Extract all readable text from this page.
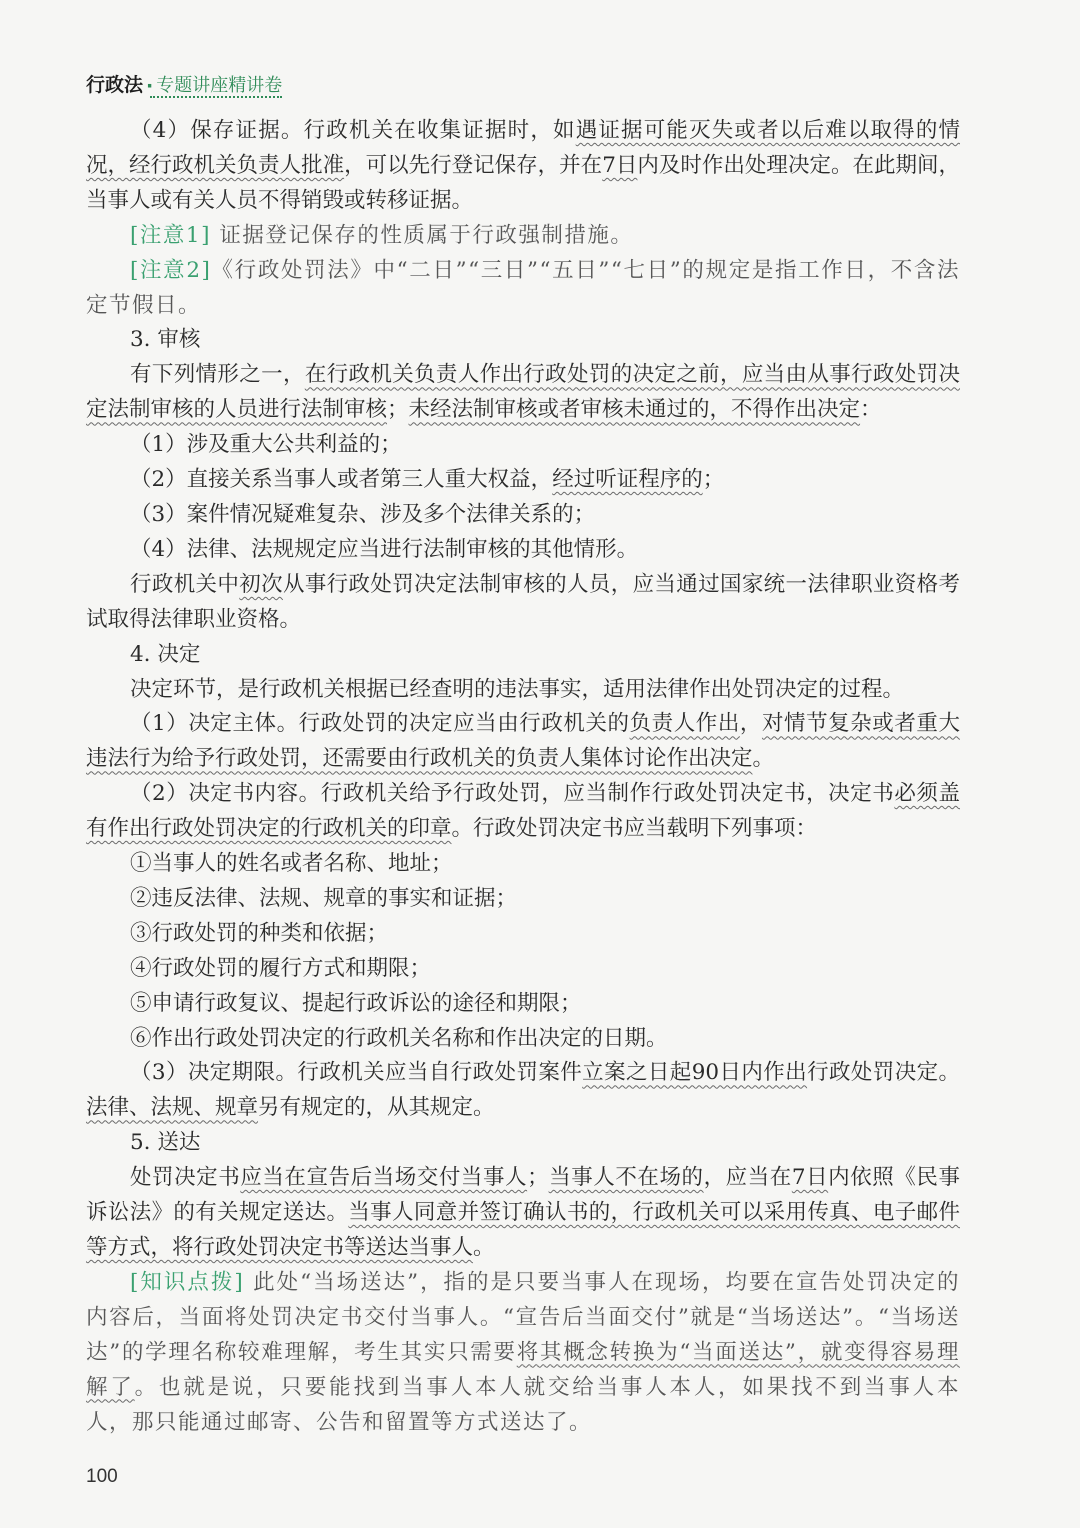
行政法 · 专题讲座精讲卷

（4）保存证据。行政机关在收集证据时，如遇证据可能灭失或者以后难以取得的情况，经行政机关负责人批准，可以先行登记保存，并在7日内及时作出处理决定。在此期间，当事人或有关人员不得销毁或转移证据。

[注意1] 证据登记保存的性质属于行政强制措施。

[注意2]《行政处罚法》中“二日”“三日”“五日”“七日”的规定是指工作日，不含法定节假日。

3. 审核

有下列情形之一，在行政机关负责人作出行政处罚的决定之前，应当由从事行政处罚决定法制审核的人员进行法制审核；未经法制审核或者审核未通过的，不得作出决定：

（1）涉及重大公共利益的；

（2）直接关系当事人或者第三人重大权益，经过听证程序的；

（3）案件情况疑难复杂、涉及多个法律关系的；

（4）法律、法规规定应当进行法制审核的其他情形。

行政机关中初次从事行政处罚决定法制审核的人员，应当通过国家统一法律职业资格考试取得法律职业资格。

4. 决定

决定环节，是行政机关根据已经查明的违法事实，适用法律作出处罚决定的过程。

（1）决定主体。行政处罚的决定应当由行政机关的负责人作出，对情节复杂或者重大违法行为给予行政处罚，还需要由行政机关的负责人集体讨论作出决定。

（2）决定书内容。行政机关给予行政处罚，应当制作行政处罚决定书，决定书必须盖有作出行政处罚决定的行政机关的印章。行政处罚决定书应当载明下列事项：

①当事人的姓名或者名称、地址；

②违反法律、法规、规章的事实和证据；

③行政处罚的种类和依据；

④行政处罚的履行方式和期限；

⑤申请行政复议、提起行政诉讼的途径和期限；

⑥作出行政处罚决定的行政机关名称和作出决定的日期。

（3）决定期限。行政机关应当自行政处罚案件立案之日起90日内作出行政处罚决定。法律、法规、规章另有规定的，从其规定。

5. 送达

处罚决定书应当在宣告后当场交付当事人；当事人不在场的，应当在7日内依照《民事诉讼法》的有关规定送达。当事人同意并签订确认书的，行政机关可以采用传真、电子邮件等方式，将行政处罚决定书等送达当事人。

[知识点拨] 此处“当场送达”，指的是只要当事人在现场，均要在宣告处罚决定的内容后，当面将处罚决定书交付当事人。“宣告后当面交付”就是“当场送达”。“当场送达”的学理名称较难理解，考生其实只需要将其概念转换为“当面送达”，就变得容易理解了。也就是说，只要能找到当事人本人就交给当事人本人，如果找不到当事人本人，那只能通过邮寄、公告和留置等方式送达了。

100
